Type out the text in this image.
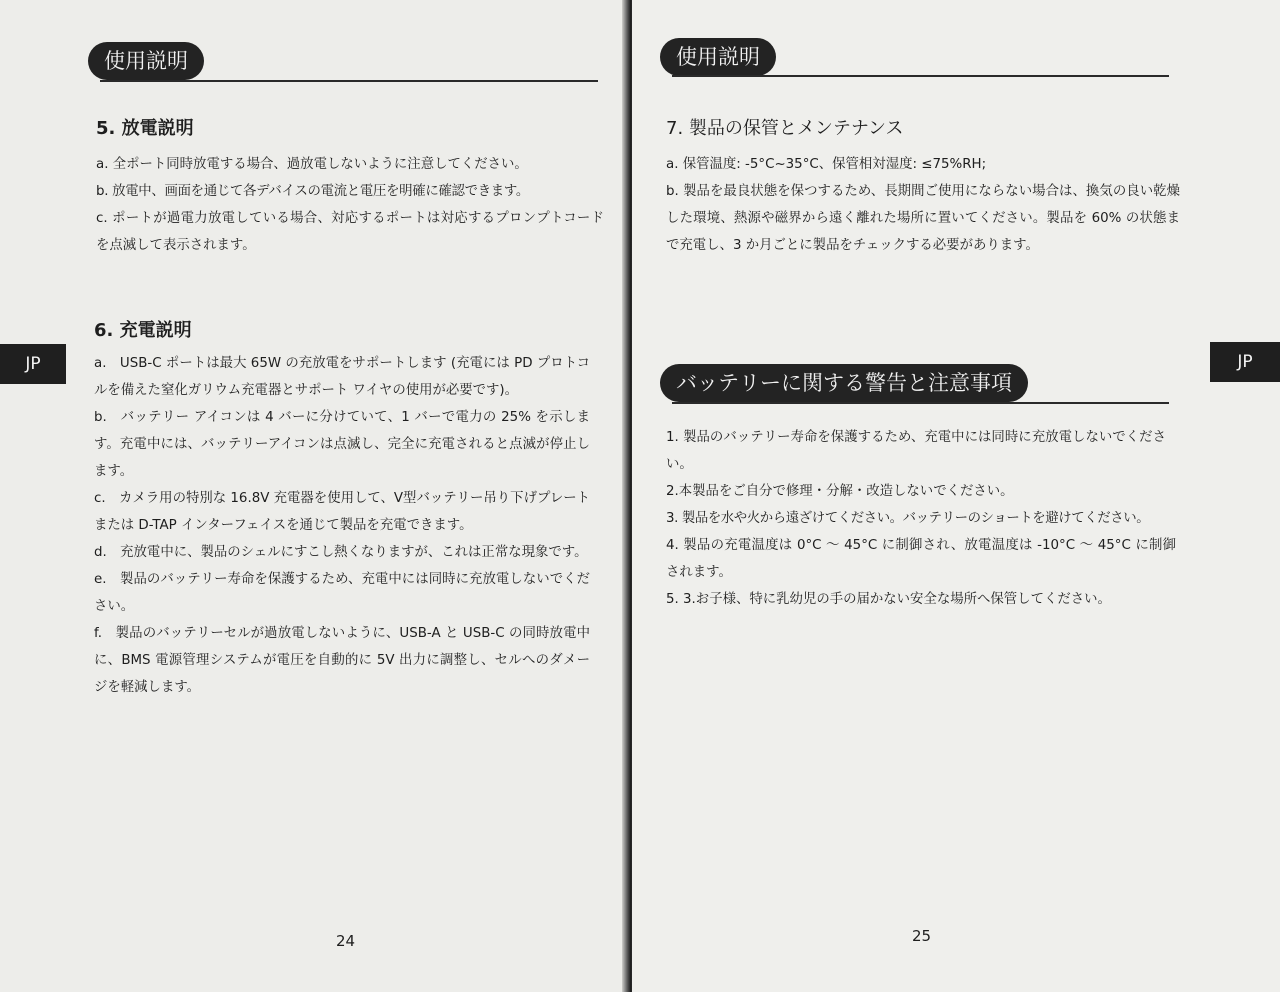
使用説明
5. 放電説明

a. 全ポート同時放電する場合、過放電しないように注意してください。

b. 放電中、画面を通じて各デバイスの電流と電圧を明確に確認できます。

c. ポートが過電力放電している場合、対応するポートは対応するプロンプトコードを点滅して表示されます。

6. 充電説明

a.　USB-C ポートは最大 65W の充放電をサポートします (充電には PD プロトコルを備えた窒化ガリウム充電器とサポート ワイヤの使用が必要です)。

b.　バッテリー アイコンは 4 バーに分けていて、1 バーで電力の 25% を示します。充電中には、バッテリーアイコンは点滅し、完全に充電されると点滅が停止します。

c.　カメラ用の特別な 16.8V 充電器を使用して、V型バッテリー吊り下げプレートまたは D-TAP インターフェイスを通じて製品を充電できます。

d.　充放電中に、製品のシェルにすこし熱くなりますが、これは正常な現象です。

e.　製品のバッテリー寿命を保護するため、充電中には同時に充放電しないでください。

f.　製品のバッテリーセルが過放電しないように、USB-A と USB-C の同時放電中に、BMS 電源管理システムが電圧を自動的に 5V 出力に調整し、セルへのダメージを軽減します。

JP
24
使用説明
7. 製品の保管とメンテナンス

a. 保管温度: -5°C~35°C、保管相対湿度: ≤75%RH;

b. 製品を最良状態を保つするため、長期間ご使用にならない場合は、換気の良い乾燥した環境、熱源や磁界から遠く離れた場所に置いてください。製品を 60% の状態まで充電し、3 か月ごとに製品をチェックする必要があります。

バッテリーに関する警告と注意事項

1. 製品のバッテリー寿命を保護するため、充電中には同時に充放電しないでください。

2.本製品をご自分で修理・分解・改造しないでください。

3. 製品を水や火から遠ざけてください。バッテリーのショートを避けてください。

4. 製品の充電温度は 0°C ～ 45°C に制御され、放電温度は -10°C ～ 45°C に制御されます。

5. 3.お子様、特に乳幼児の手の届かない安全な場所へ保管してください。

JP
25
